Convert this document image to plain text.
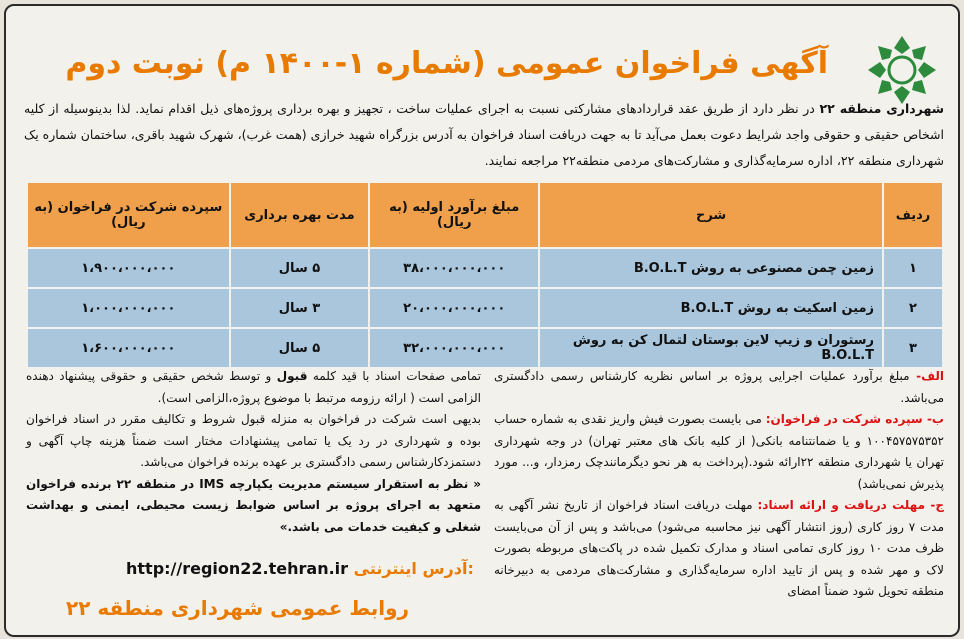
آگهی فراخوان عمومی (شماره ۱-۱۴۰۰ م) نوبت دوم
شهرداری منطقه ۲۲ در نظر دارد از طریق عقد قراردادهای مشارکتی نسبت به اجرای عملیات ساخت ، تجهیز و بهره برداری پروژه‌های ذیل اقدام نماید. لذا بدینوسیله از کلیه اشخاص حقیقی و حقوقی واجد شرایط دعوت بعمل می‌آید تا به جهت دریافت اسناد فراخوان به آدرس بزرگراه شهید خرازی (همت غرب)، شهرک شهید باقری، ساختمان شماره یک شهرداری منطقه ۲۲، اداره سرمایه‌گذاری و مشارکت‌های مردمی منطقه۲۲ مراجعه نمایند.
ردیف	شرح	مبلغ برآورد اولیه (به ریال)	مدت بهره برداری	سپرده شرکت در فراخوان (به ریال)
۱	زمین چمن مصنوعی به روش B.O.L.T	۳۸،۰۰۰،۰۰۰،۰۰۰	۵ سال	۱،۹۰۰،۰۰۰،۰۰۰
۲	زمین اسکیت به روش B.O.L.T	۲۰،۰۰۰،۰۰۰،۰۰۰	۳ سال	۱،۰۰۰،۰۰۰،۰۰۰
۳	رستوران و زیپ لاین بوستان لتمال کن به روش B.O.L.T	۳۲،۰۰۰،۰۰۰،۰۰۰	۵ سال	۱،۶۰۰،۰۰۰،۰۰۰
الف- مبلغ برآورد عملیات اجرایی پروژه بر اساس نظریه کارشناس رسمی دادگستری می‌باشد.
ب- سپرده شرکت در فراخوان: می بایست بصورت فیش واریز نقدی به شماره حساب ۱۰۰۴۵۷۵۷۵۳۵۲ و یا ضمانتنامه بانکی( از کلیه بانک های معتبر تهران) در وجه شهرداری تهران یا شهرداری منطقه ۲۲ارائه شود.(پرداخت به هر نحو دیگرمانندچک رمزدار، و... مورد پذیرش نمی‌باشد)
ج- مهلت دریافت و ارائه اسناد: مهلت دریافت اسناد فراخوان از تاریخ نشر آگهی به مدت ۷ روز کاری (روز انتشار آگهی نیز محاسبه می‌شود) می‌باشد و پس از آن می‌بایست ظرف مدت ۱۰ روز کاری تمامی اسناد و مدارک تکمیل شده در پاکت‌های مربوطه بصورت لاک و مهر شده و پس از تایید اداره سرمایه‌گذاری و مشارکت‌های مردمی به دبیرخانه منطقه تحویل شود ضمناً امضای
تمامی صفحات اسناد با قید کلمه قبول و توسط شخص حقیقی و حقوقی پیشنهاد دهنده الزامی است ( ارائه رزومه مرتبط با موضوع پروژه،الزامی است).
بدیهی است شرکت در فراخوان به منزله قبول شروط و تکالیف مقرر در اسناد فراخوان بوده و شهرداری در رد یک یا تمامی پیشنهادات مختار است ضمناً هزینه چاپ آگهی و دستمزدکارشناس رسمی دادگستری بر عهده برنده فراخوان می‌باشد.
« نظر به استقرار سیستم مدیریت یکپارچه IMS در منطقه ۲۲ برنده فراخوان متعهد به اجرای پروژه بر اساس ضوابط زیست محیطی، ایمنی و بهداشت شغلی و کیفیت خدمات می باشد.»
http://region22.tehran.ir آدرس اینترنتی:
روابط عمومی شهرداری منطقه ۲۲
